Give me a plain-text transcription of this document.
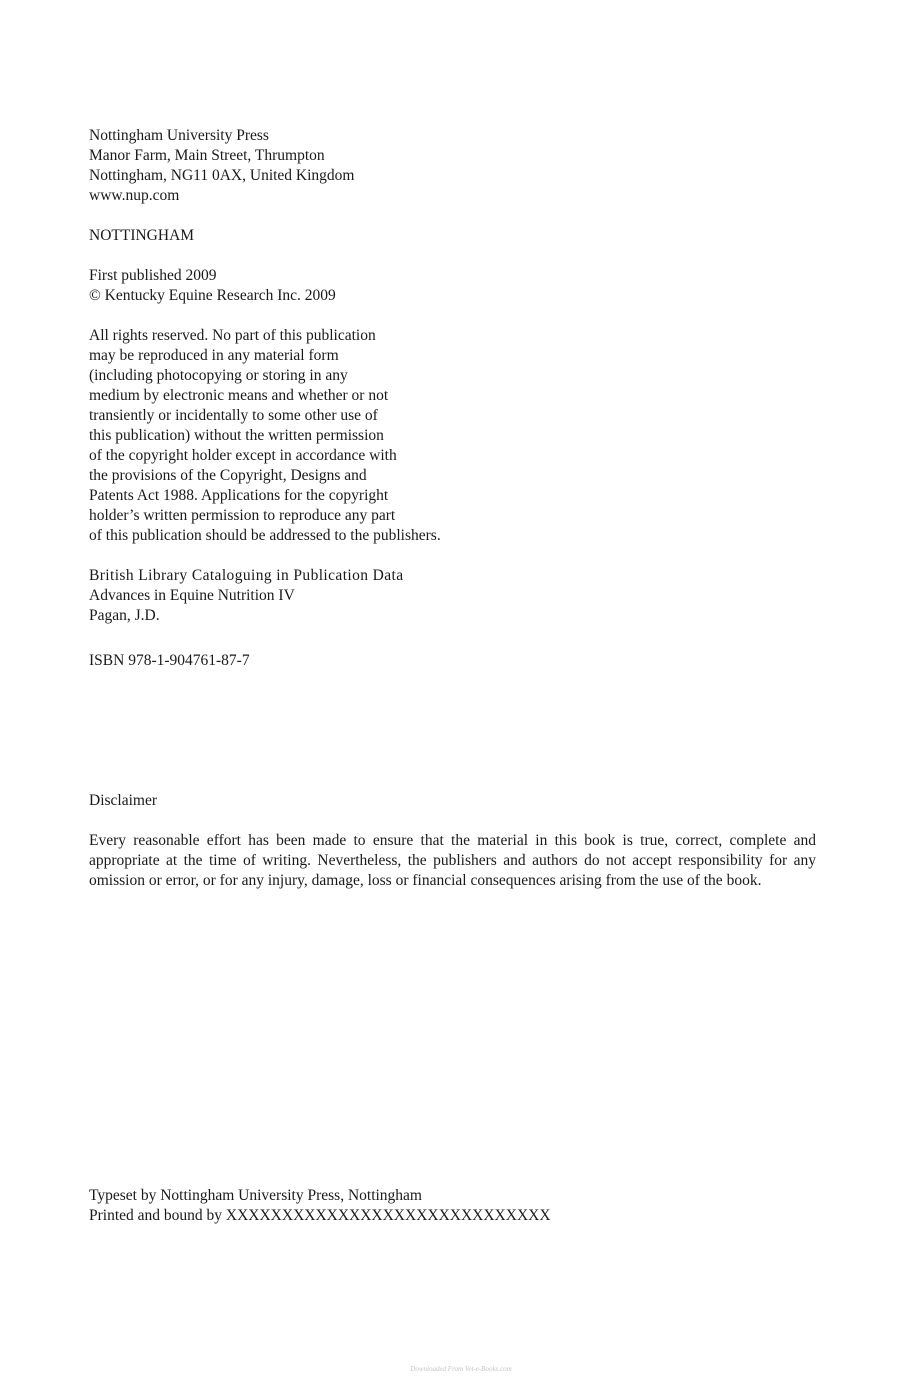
Nottingham University Press
Manor Farm, Main Street, Thrumpton
Nottingham, NG11 0AX, United Kingdom
www.nup.com
NOTTINGHAM
First published 2009
© Kentucky Equine Research Inc. 2009
All rights reserved. No part of this publication
may be reproduced in any material form
(including photocopying or storing in any
medium by electronic means and whether or not
transiently or incidentally to some other use of
this publication) without the written permission
of the copyright holder except in accordance with
the provisions of the Copyright, Designs and
Patents Act 1988. Applications for the copyright
holder’s written permission to reproduce any part
of this publication should be addressed to the publishers.
British Library Cataloguing in Publication Data
Advances in Equine Nutrition IV
Pagan, J.D.
ISBN 978-1-904761-87-7
Disclaimer
Every reasonable effort has been made to ensure that the material in this book is true, correct, complete and appropriate at the time of writing. Nevertheless, the publishers and authors do not accept responsibility for any omission or error, or for any injury, damage, loss or financial consequences arising from the use of the book.
Typeset by Nottingham University Press, Nottingham
Printed and bound by XXXXXXXXXXXXXXXXXXXXXXXXXXXXX
Downloaded From Vet-e-Books.com
